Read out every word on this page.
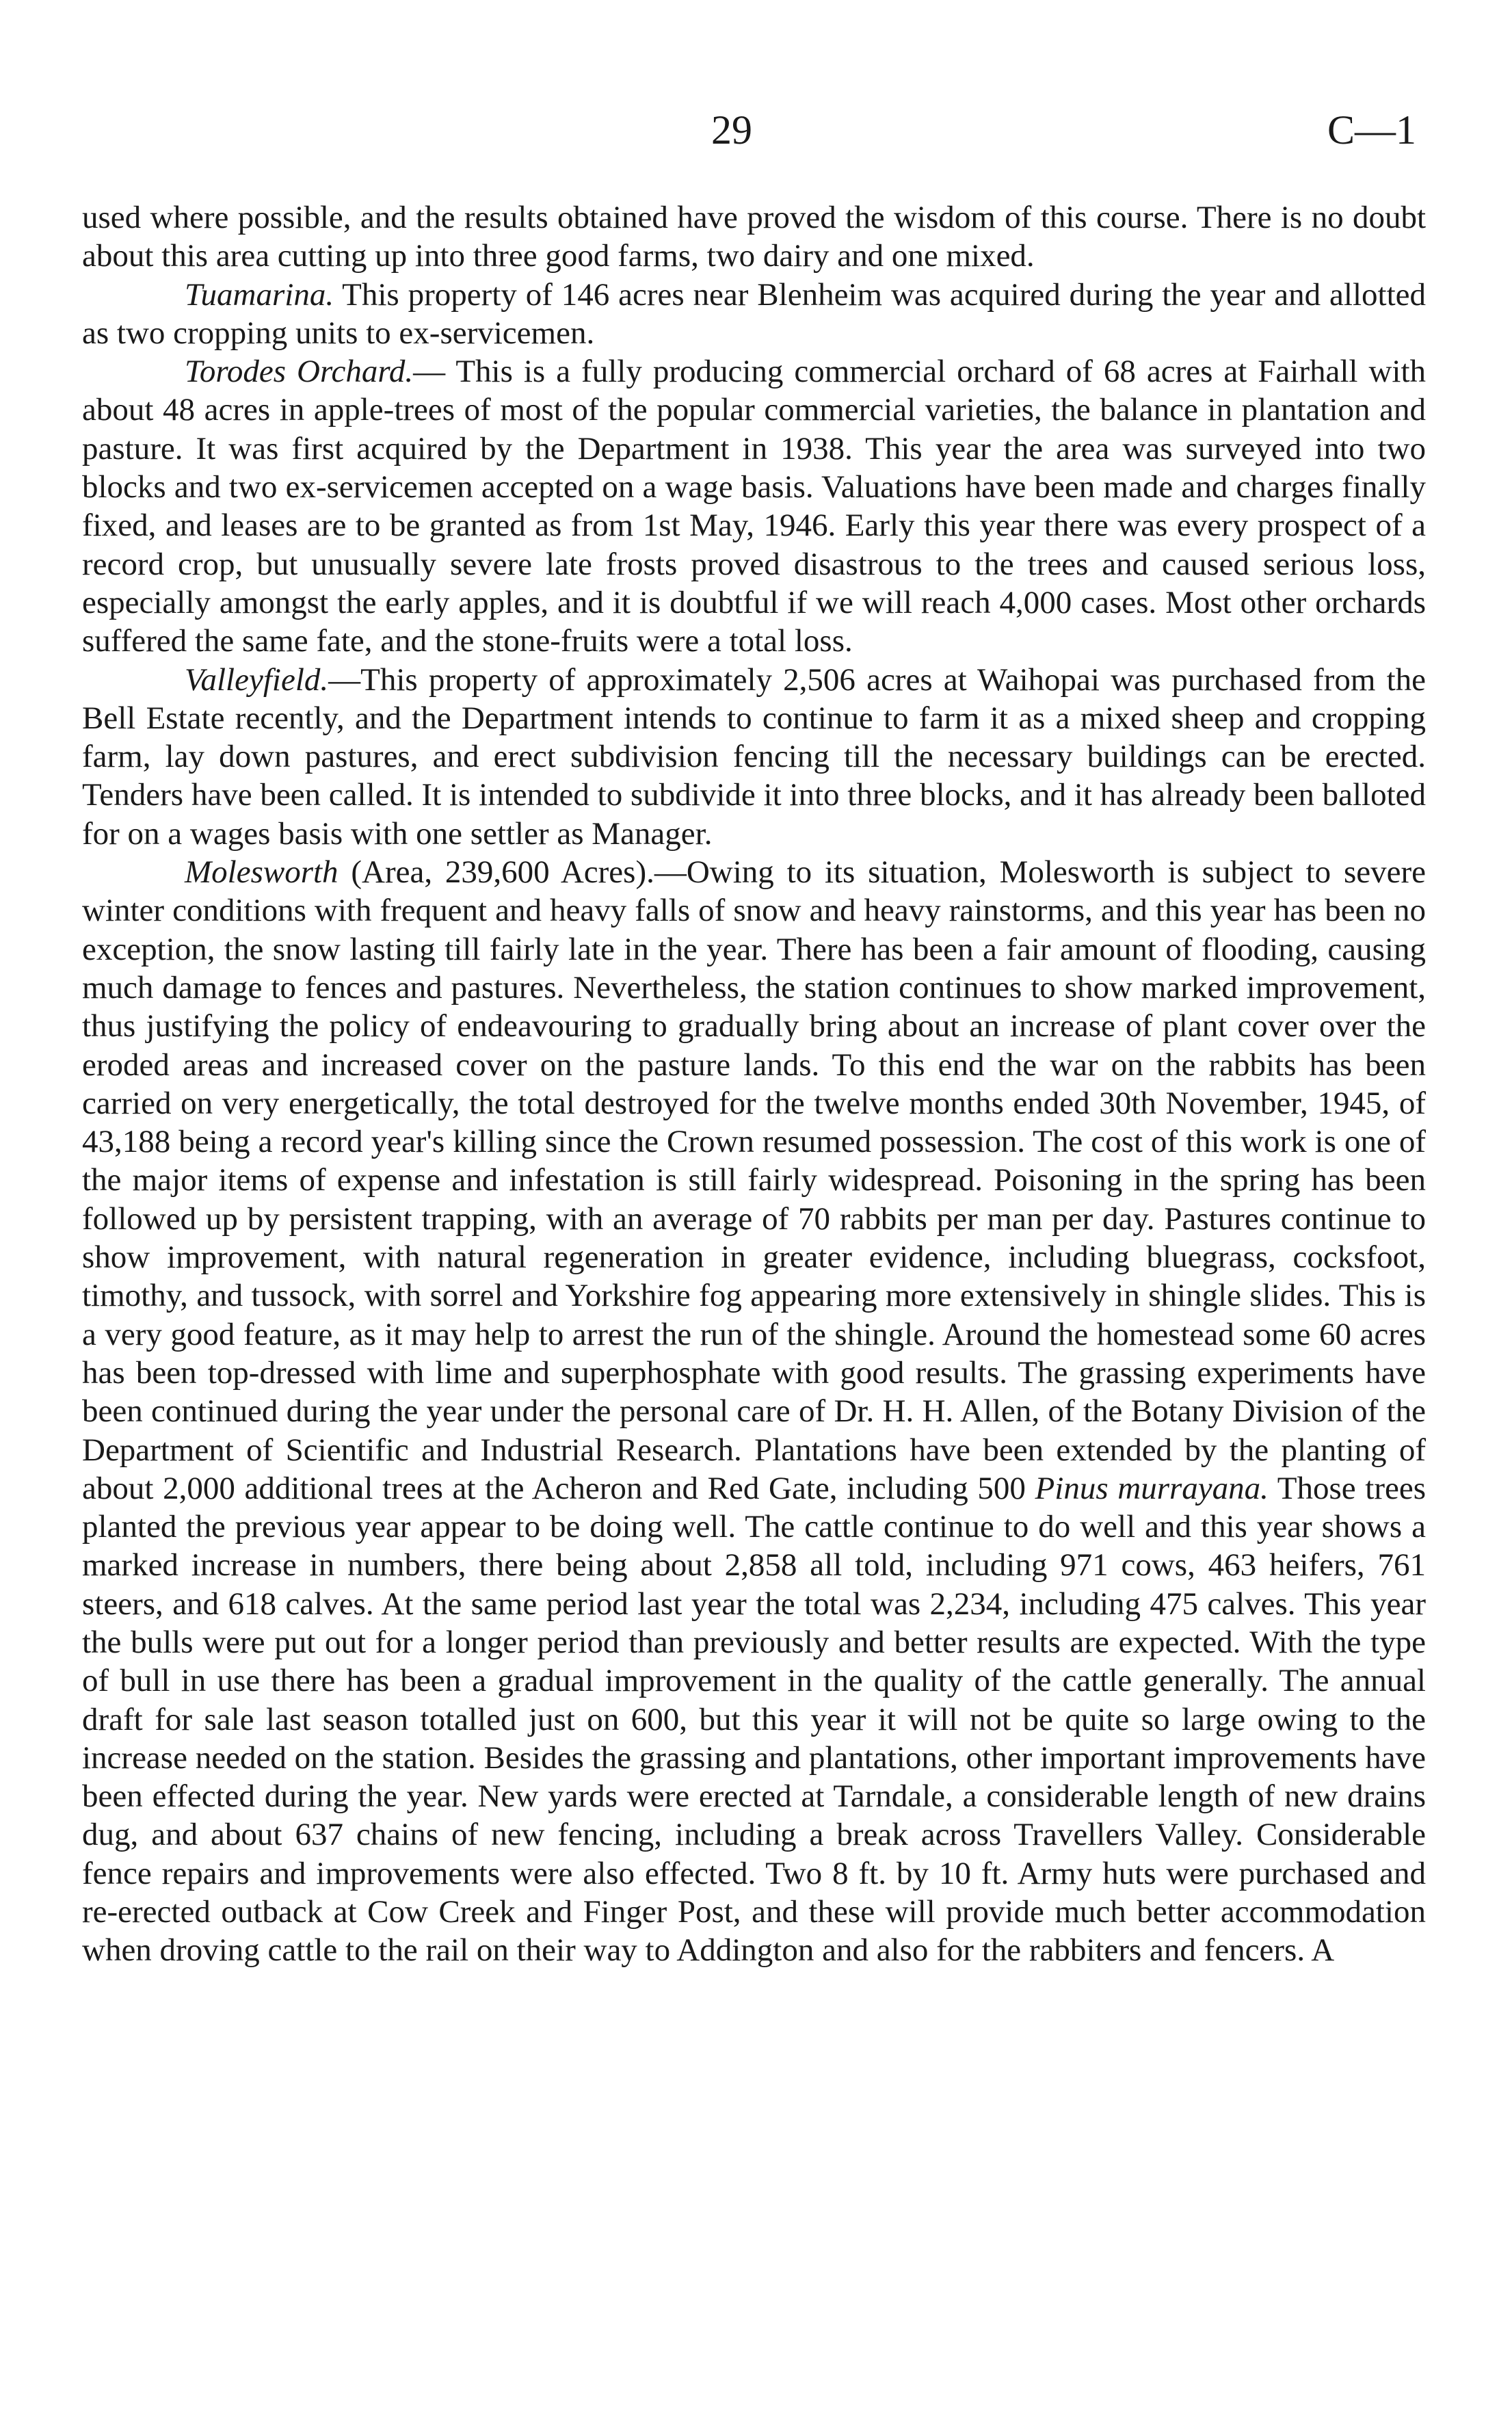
29	C—1

used where possible, and the results obtained have proved the wisdom of this course. There is no doubt about this area cutting up into three good farms, two dairy and one mixed.

Tuamarina. This property of 146 acres near Blenheim was acquired during the year and allotted as two cropping units to ex-servicemen.

Torodes Orchard.— This is a fully producing commercial orchard of 68 acres at Fairhall with about 48 acres in apple-trees of most of the popular commercial varieties, the balance in plantation and pasture. It was first acquired by the Department in 1938. This year the area was surveyed into two blocks and two ex-servicemen accepted on a wage basis. Valuations have been made and charges finally fixed, and leases are to be granted as from 1st May, 1946. Early this year there was every prospect of a record crop, but unusually severe late frosts proved disastrous to the trees and caused serious loss, especially amongst the early apples, and it is doubtful if we will reach 4,000 cases. Most other orchards suffered the same fate, and the stone-fruits were a total loss.

Valleyfield.—This property of approximately 2,506 acres at Waihopai was purchased from the Bell Estate recently, and the Department intends to continue to farm it as a mixed sheep and cropping farm, lay down pastures, and erect subdivision fencing till the necessary buildings can be erected. Tenders have been called. It is intended to subdivide it into three blocks, and it has already been balloted for on a wages basis with one settler as Manager.

Molesworth (Area, 239,600 Acres).—Owing to its situation, Molesworth is subject to severe winter conditions with frequent and heavy falls of snow and heavy rainstorms, and this year has been no exception, the snow lasting till fairly late in the year. There has been a fair amount of flooding, causing much damage to fences and pastures. Nevertheless, the station continues to show marked improvement, thus justifying the policy of endeavouring to gradually bring about an increase of plant cover over the eroded areas and increased cover on the pasture lands. To this end the war on the rabbits has been carried on very energetically, the total destroyed for the twelve months ended 30th November, 1945, of 43,188 being a record year's killing since the Crown resumed possession. The cost of this work is one of the major items of expense and infestation is still fairly widespread. Poisoning in the spring has been followed up by persistent trapping, with an average of 70 rabbits per man per day. Pastures continue to show improvement, with natural regeneration in greater evidence, including bluegrass, cocksfoot, timothy, and tussock, with sorrel and Yorkshire fog appearing more extensively in shingle slides. This is a very good feature, as it may help to arrest the run of the shingle. Around the homestead some 60 acres has been top-dressed with lime and superphosphate with good results. The grassing experiments have been continued during the year under the personal care of Dr. H. H. Allen, of the Botany Division of the Department of Scientific and Industrial Research. Plantations have been extended by the planting of about 2,000 additional trees at the Acheron and Red Gate, including 500 Pinus murrayana. Those trees planted the previous year appear to be doing well. The cattle continue to do well and this year shows a marked increase in numbers, there being about 2,858 all told, including 971 cows, 463 heifers, 761 steers, and 618 calves. At the same period last year the total was 2,234, including 475 calves. This year the bulls were put out for a longer period than previously and better results are expected. With the type of bull in use there has been a gradual improvement in the quality of the cattle generally. The annual draft for sale last season totalled just on 600, but this year it will not be quite so large owing to the increase needed on the station. Besides the grassing and plantations, other important improvements have been effected during the year. New yards were erected at Tarndale, a considerable length of new drains dug, and about 637 chains of new fencing, including a break across Travellers Valley. Considerable fence repairs and improvements were also effected. Two 8 ft. by 10 ft. Army huts were purchased and re-erected outback at Cow Creek and Finger Post, and these will provide much better accommodation when droving cattle to the rail on their way to Addington and also for the rabbiters and fencers. A
